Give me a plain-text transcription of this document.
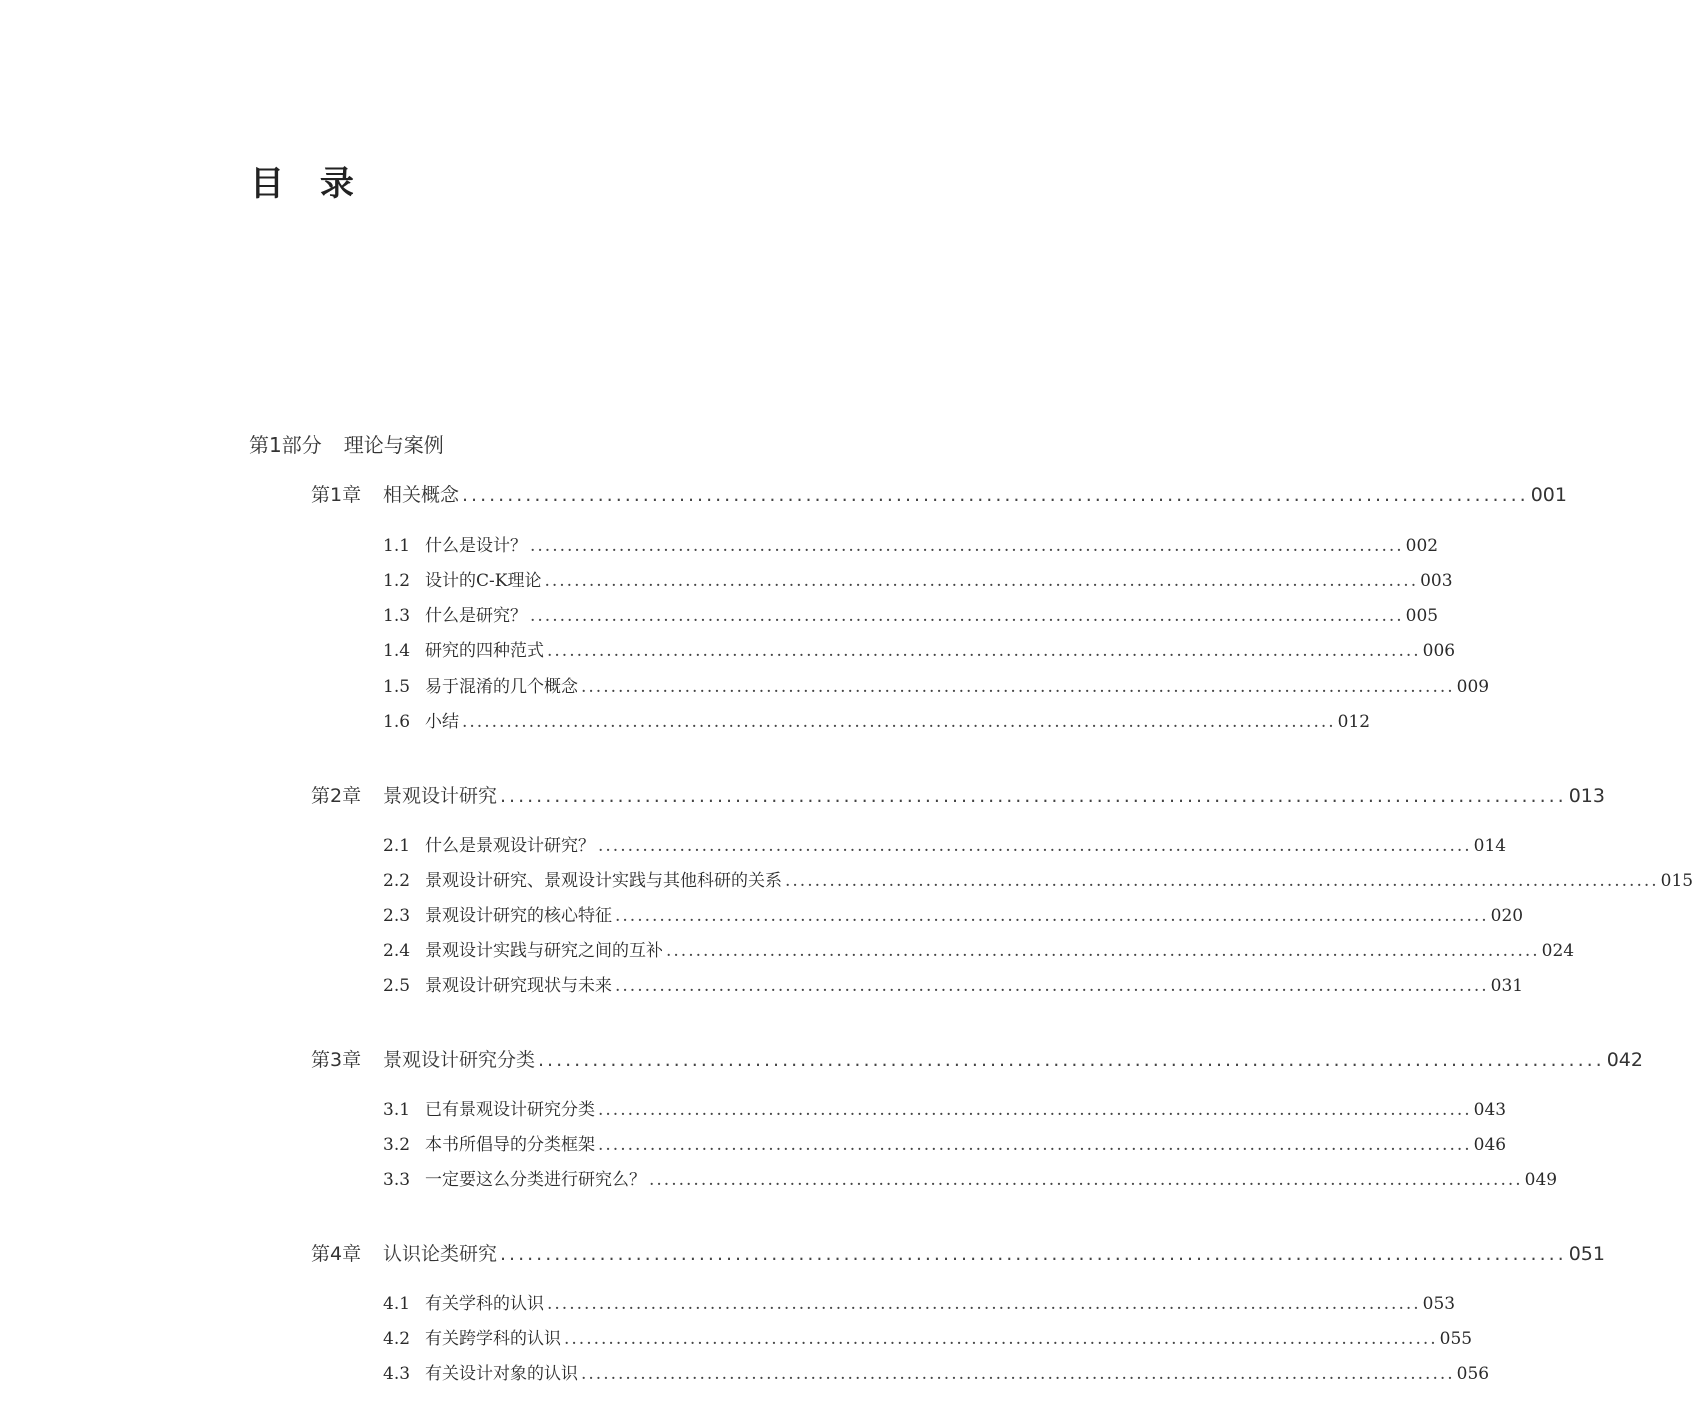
目 录
第1部分 理论与案例
第1章	相关概念 ...................................................................................................................... 001
1.1 什么是设计？ ...................................................................................................................... 002
1.2 设计的C-K理论 ...................................................................................................................... 003
1.3 什么是研究？ ...................................................................................................................... 005
1.4 研究的四种范式 ...................................................................................................................... 006
1.5 易于混淆的几个概念 ...................................................................................................................... 009
1.6 小结 ...................................................................................................................... 012
第2章	景观设计研究 ...................................................................................................................... 013
2.1 什么是景观设计研究？ ...................................................................................................................... 014
2.2 景观设计研究、景观设计实践与其他科研的关系 ...................................................................................................................... 015
2.3 景观设计研究的核心特征 ...................................................................................................................... 020
2.4 景观设计实践与研究之间的互补 ...................................................................................................................... 024
2.5 景观设计研究现状与未来 ...................................................................................................................... 031
第3章	景观设计研究分类 ...................................................................................................................... 042
3.1 已有景观设计研究分类 ...................................................................................................................... 043
3.2 本书所倡导的分类框架 ...................................................................................................................... 046
3.3 一定要这么分类进行研究么？ ...................................................................................................................... 049
第4章	认识论类研究 ...................................................................................................................... 051
4.1 有关学科的认识 ...................................................................................................................... 053
4.2 有关跨学科的认识 ...................................................................................................................... 055
4.3 有关设计对象的认识 ...................................................................................................................... 056
